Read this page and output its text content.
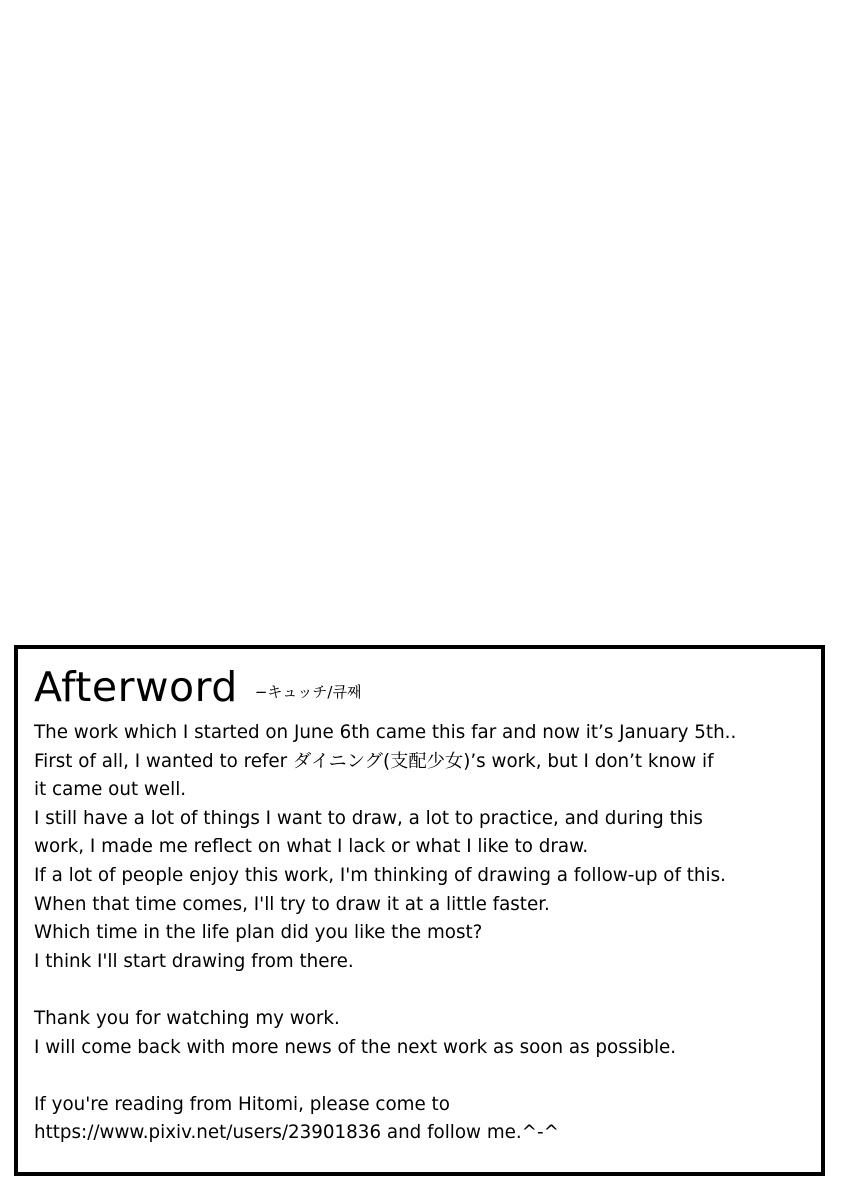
Afterword −キュッチ/큐째
The work which I started on June 6th came this far and now it’s January 5th..
First of all, I wanted to refer ダイニング(支配少女)’s work, but I don’t know if
it came out well.
I still have a lot of things I want to draw, a lot to practice, and during this
work, I made me reflect on what I lack or what I like to draw.
If a lot of people enjoy this work, I'm thinking of drawing a follow-up of this.
When that time comes, I'll try to draw it at a little faster.
Which time in the life plan did you like the most?
I think I'll start drawing from there.
Thank you for watching my work.
I will come back with more news of the next work as soon as possible.
If you're reading from Hitomi, please come to
https://www.pixiv.net/users/23901836 and follow me.^-^
